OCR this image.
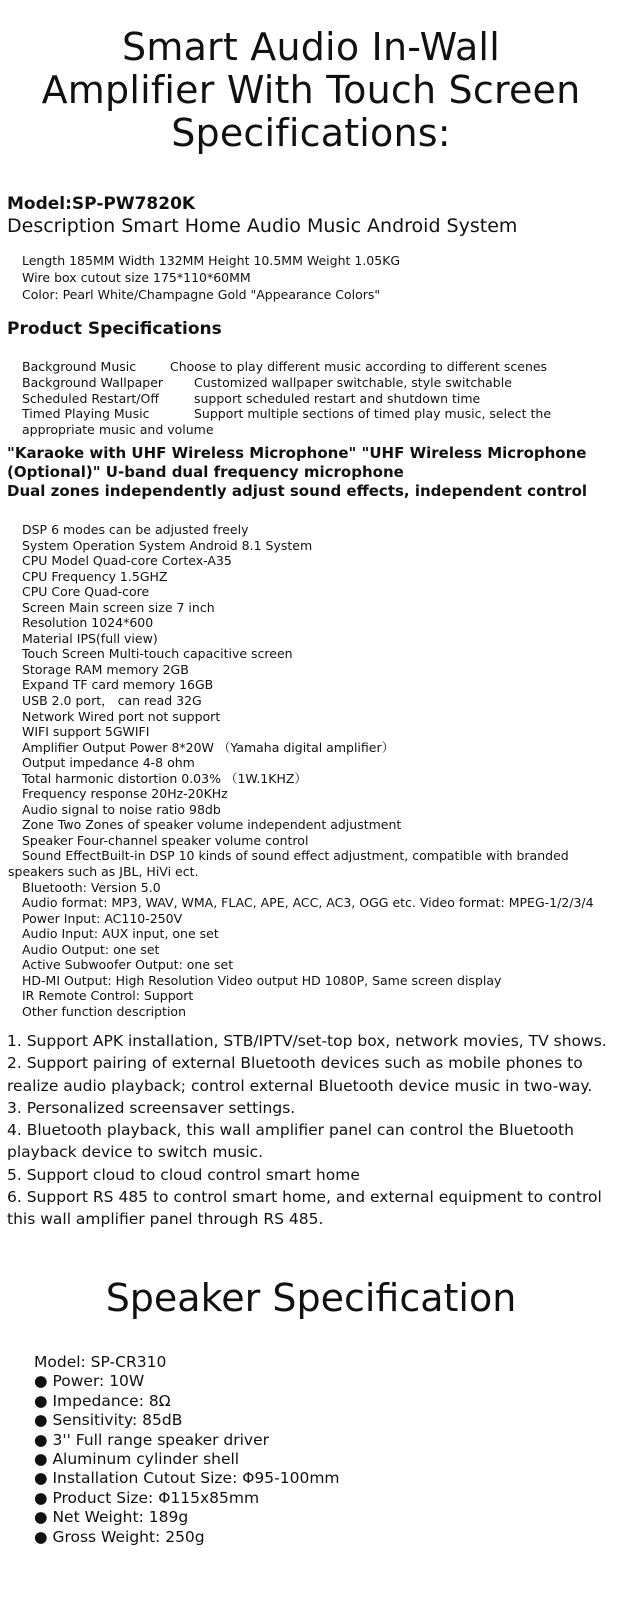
Smart Audio In-Wall
Amplifier With Touch Screen
Specifications:
Model:SP-PW7820K

Description Smart Home Audio Music Android System

Length 185MM Width 132MM Height 10.5MM Weight 1.05KG
Wire box cutout size 175*110*60MM
Color: Pearl White/Champagne Gold "Appearance Colors"
Product Specifications
Background Music	Choose to play different music according to different scenes
Background Wallpaper	Customized wallpaper switchable, style switchable
Scheduled Restart/Off	support scheduled restart and shutdown time
Timed Playing Music	Support multiple sections of timed play music, select the
appropriate music and volume
"Karaoke with UHF Wireless Microphone" "UHF Wireless Microphone
(Optional)" U-band dual frequency microphone
Dual zones independently adjust sound effects, independent control
DSP 6 modes can be adjusted freely
System Operation System Android 8.1 System
CPU Model Quad-core Cortex-A35
CPU Frequency 1.5GHZ
CPU Core Quad-core
Screen Main screen size 7 inch
Resolution 1024*600
Material IPS(full view)
Touch Screen Multi-touch capacitive screen
Storage RAM memory 2GB
Expand TF card memory 16GB
USB 2.0 port， can read 32G
Network Wired port not support
WIFI support 5GWIFI
Amplifier Output Power 8*20W （Yamaha digital amplifier）
Output impedance 4-8 ohm
Total harmonic distortion 0.03% （1W.1KHZ）
Frequency response 20Hz-20KHz
Audio signal to noise ratio 98db
Zone Two Zones of speaker volume independent adjustment
Speaker Four-channel speaker volume control
Sound EffectBuilt-in DSP 10 kinds of sound effect adjustment, compatible with branded
speakers such as JBL, HiVi ect.
Bluetooth: Version 5.0
Audio format: MP3, WAV, WMA, FLAC, APE, ACC, AC3, OGG etc. Video format: MPEG-1/2/3/4
Power Input: AC110-250V
Audio Input: AUX input, one set
Audio Output: one set
Active Subwoofer Output: one set
HD-MI Output: High Resolution Video output HD 1080P, Same screen display
IR Remote Control: Support
Other function description
1. Support APK installation, STB/IPTV/set-top box, network movies, TV shows.
2. Support pairing of external Bluetooth devices such as mobile phones to
realize audio playback; control external Bluetooth device music in two-way.
3. Personalized screensaver settings.
4. Bluetooth playback, this wall amplifier panel can control the Bluetooth
playback device to switch music.
5. Support cloud to cloud control smart home
6. Support RS 485 to control smart home, and external equipment to control
this wall amplifier panel through RS 485.
Speaker Specification
Model: SP-CR310
● Power: 10W
● Impedance: 8Ω
● Sensitivity: 85dB
● 3'' Full range speaker driver
● Aluminum cylinder shell
● Installation Cutout Size: Φ95-100mm
● Product Size: Φ115x85mm
● Net Weight: 189g
● Gross Weight: 250g
